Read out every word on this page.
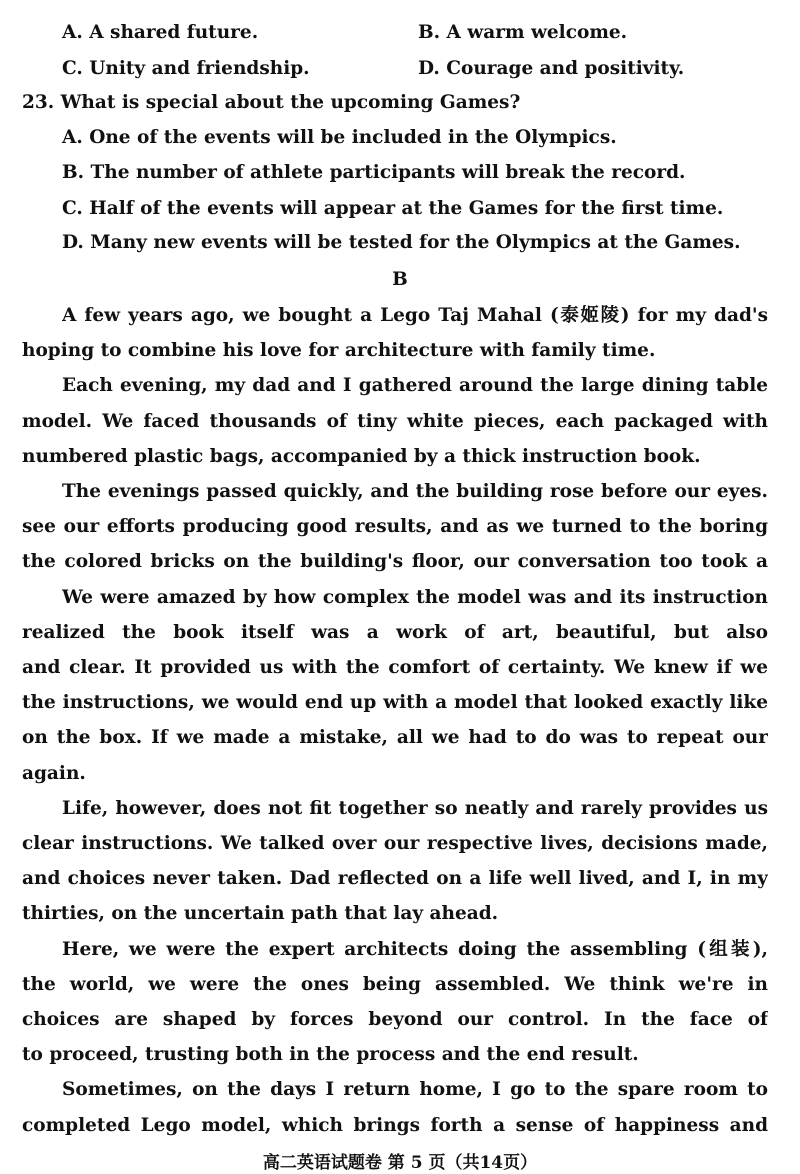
A. A shared future.	B. A warm welcome.
C. Unity and friendship.	D. Courage and positivity.
23. What is special about the upcoming Games?
A. One of the events will be included in the Olympics.
B. The number of athlete participants will break the record.
C. Half of the events will appear at the Games for the first time.
D. Many new events will be tested for the Olympics at the Games.
B
A few years ago, we bought a Lego Taj Mahal (泰姬陵) for my dad's
hoping to combine his love for architecture with family time.
Each evening, my dad and I gathered around the large dining table
model. We faced thousands of tiny white pieces, each packaged with
numbered plastic bags, accompanied by a thick instruction book.
The evenings passed quickly, and the building rose before our eyes.
see our efforts producing good results, and as we turned to the boring
the colored bricks on the building's floor, our conversation too took a
We were amazed by how complex the model was and its instruction
realized the book itself was a work of art, beautiful, but also
and clear. It provided us with the comfort of certainty. We knew if we
the instructions, we would end up with a model that looked exactly like
on the box. If we made a mistake, all we had to do was to repeat our
again.
Life, however, does not fit together so neatly and rarely provides us
clear instructions. We talked over our respective lives, decisions made,
and choices never taken. Dad reflected on a life well lived, and I, in my
thirties, on the uncertain path that lay ahead.
Here, we were the expert architects doing the assembling (组装),
the world, we were the ones being assembled. We think we're in
choices are shaped by forces beyond our control. In the face of
to proceed, trusting both in the process and the end result.
Sometimes, on the days I return home, I go to the spare room to
completed Lego model, which brings forth a sense of happiness and
高二英语试题卷 第 5 页（共14页）
